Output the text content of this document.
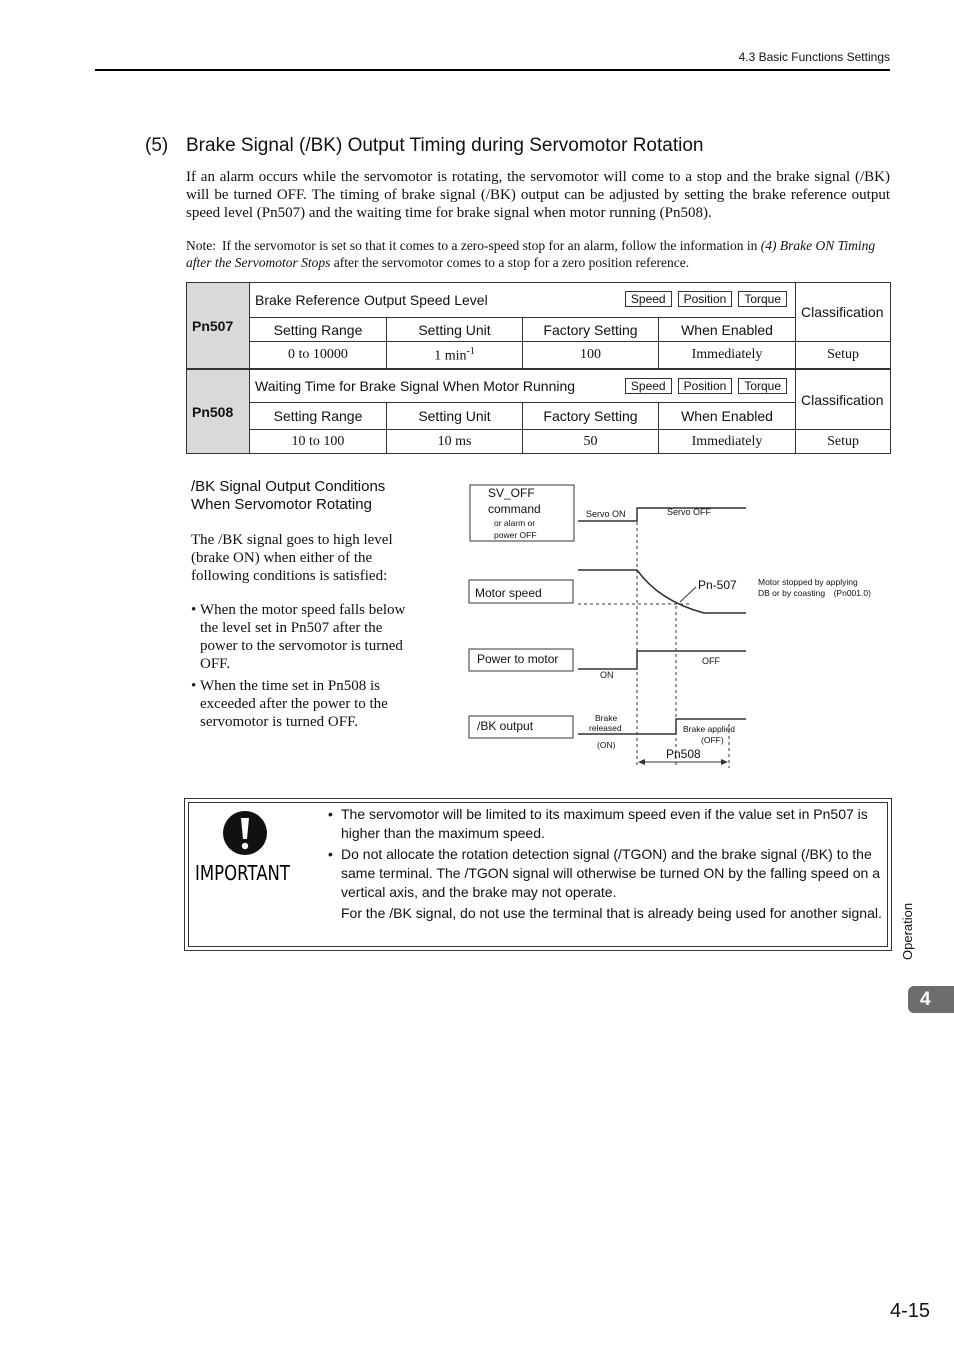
4.3 Basic Functions Settings
(5) Brake Signal (/BK) Output Timing during Servomotor Rotation
If an alarm occurs while the servomotor is rotating, the servomotor will come to a stop and the brake signal (/BK) will be turned OFF. The timing of brake signal (/BK) output can be adjusted by setting the brake reference output speed level (Pn507) and the waiting time for brake signal when motor running (Pn508).
Note: If the servomotor is set so that it comes to a zero-speed stop for an alarm, follow the information in (4) Brake ON Timing after the Servomotor Stops after the servomotor comes to a stop for a zero position reference.
Pn507	Brake Reference Output Speed Level Speed Position Torque				Classification
	Setting Range	Setting Unit	Factory Setting	When Enabled	
	0 to 10000	1 $\min^{-1}$	100	Immediately	Setup
Pn508	Waiting Time for Brake Signal When Motor Running Speed Position Torque				Classification
	Setting Range	Setting Unit	Factory Setting	When Enabled	
	10 to 100	10 ms	50	Immediately	Setup
/BK Signal Output Conditions
When Servomotor Rotating
The /BK signal goes to high level (brake ON) when either of the following conditions is satisfied:
• When the motor speed falls below the level set in Pn507 after the power to the servomotor is turned OFF.
• When the time set in Pn508 is exceeded after the power to the servomotor is turned OFF.
SV_OFF
command
or alarm or
power OFF
Servo ON	Servo OFF
Motor speed
Pn-507	Motor stopped by applying
DB or by coasting　(Pn001.0)
Power to motor
ON
OFF
/BK output
Brake
released
(ON)
Brake applied
(OFF)
Pn508
IMPORTANT
• The servomotor will be limited to its maximum speed even if the value set in Pn507 is higher than the maximum speed.
• Do not allocate the rotation detection signal (/TGON) and the brake signal (/BK) to the same terminal. The /TGON signal will otherwise be turned ON by the falling speed on a vertical axis, and the brake may not operate.
For the /BK signal, do not use the terminal that is already being used for another signal. Operation
4
4-15
